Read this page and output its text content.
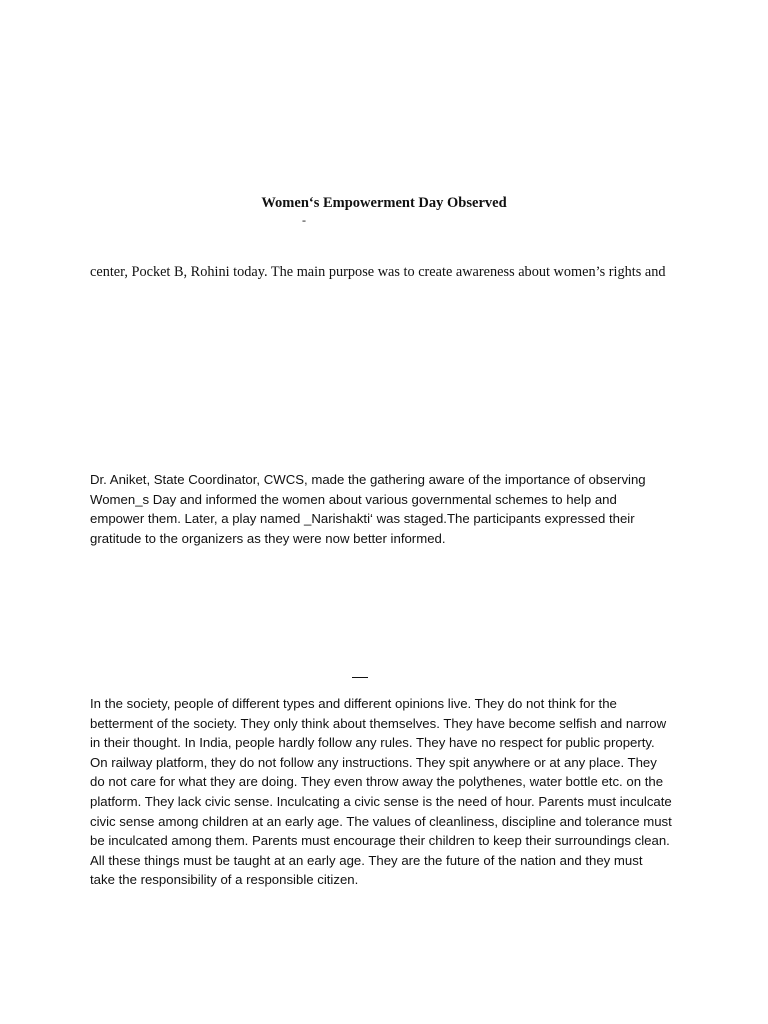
Women‘s Empowerment Day Observed

-

center, Pocket B, Rohini today. The main purpose was to create awareness about women’s rights and

Dr. Aniket, State Coordinator, CWCS, made the gathering aware of the importance of observing
Women_s Day and informed the women about various governmental schemes to help and
empower them. Later, a play named _Narishakti‘ was staged.The participants expressed their
gratitude to the organizers as they were now better informed.
In the society, people of different types and different opinions live. They do not think for the
betterment of the society. They only think about themselves. They have become selfish and narrow
in their thought. In India, people hardly follow any rules. They have no respect for public property.
On railway platform, they do not follow any instructions. They spit anywhere or at any place. They
do not care for what they are doing. They even throw away the polythenes, water bottle etc. on the
platform. They lack civic sense. Inculcating a civic sense is the need of hour. Parents must inculcate
civic sense among children at an early age. The values of cleanliness, discipline and tolerance must
be inculcated among them. Parents must encourage their children to keep their surroundings clean.
All these things must be taught at an early age. They are the future of the nation and they must
take the responsibility of a responsible citizen.
